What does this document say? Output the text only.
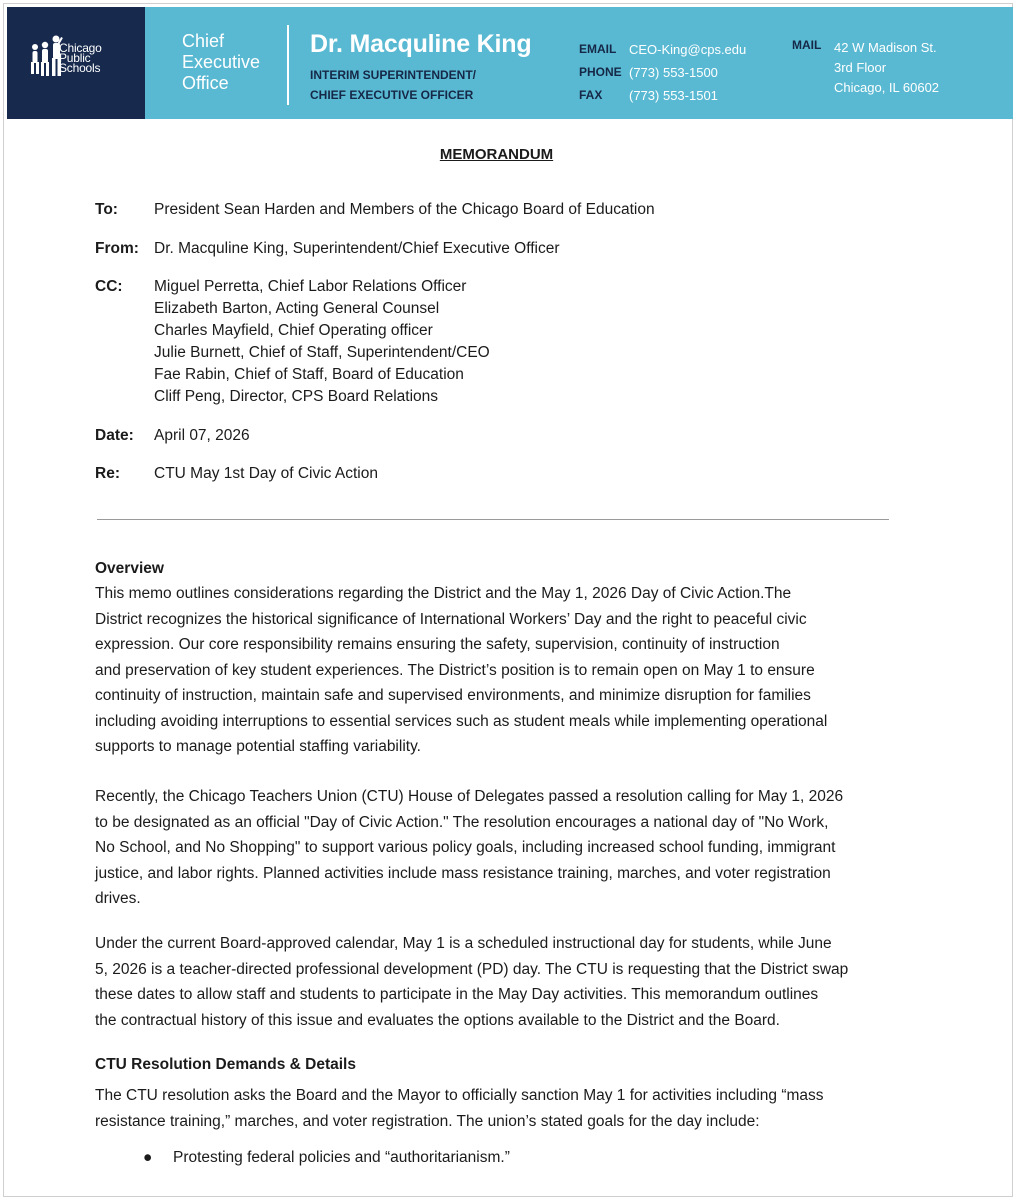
Chicago
Public
Schools
Chief
Executive
Office
Dr. Macquline King
INTERIM SUPERINTENDENT/
CHIEF EXECUTIVE OFFICER
EMAIL
PHONE
FAX
CEO-King@cps.edu
(773) 553-1500
(773) 553-1501
MAIL 42 W Madison St.
3rd Floor
Chicago, IL 60602
MEMORANDUM
To: President Sean Harden and Members of the Chicago Board of Education
From: Dr. Macquline King, Superintendent/Chief Executive Officer
CC: Miguel Perretta, Chief Labor Relations Officer
Elizabeth Barton, Acting General Counsel
Charles Mayfield, Chief Operating officer
Julie Burnett, Chief of Staff, Superintendent/CEO
Fae Rabin, Chief of Staff, Board of Education
Cliff Peng, Director, CPS Board Relations
Date: April 07, 2026
Re: CTU May 1st Day of Civic Action
Overview
This memo outlines considerations regarding the District and the May 1, 2026 Day of Civic Action.The
District recognizes the historical significance of International Workers’ Day and the right to peaceful civic
expression. Our core responsibility remains ensuring the safety, supervision, continuity of instruction
and preservation of key student experiences. The District’s position is to remain open on May 1 to ensure
continuity of instruction, maintain safe and supervised environments, and minimize disruption for families
including avoiding interruptions to essential services such as student meals while implementing operational
supports to manage potential staffing variability.
Recently, the Chicago Teachers Union (CTU) House of Delegates passed a resolution calling for May 1, 2026
to be designated as an official "Day of Civic Action." The resolution encourages a national day of "No Work,
No School, and No Shopping" to support various policy goals, including increased school funding, immigrant
justice, and labor rights. Planned activities include mass resistance training, marches, and voter registration
drives.
Under the current Board-approved calendar, May 1 is a scheduled instructional day for students, while June
5, 2026 is a teacher-directed professional development (PD) day. The CTU is requesting that the District swap
these dates to allow staff and students to participate in the May Day activities. This memorandum outlines
the contractual history of this issue and evaluates the options available to the District and the Board.
CTU Resolution Demands & Details
The CTU resolution asks the Board and the Mayor to officially sanction May 1 for activities including “mass
resistance training,” marches, and voter registration. The union’s stated goals for the day include:
● Protesting federal policies and “authoritarianism.”
